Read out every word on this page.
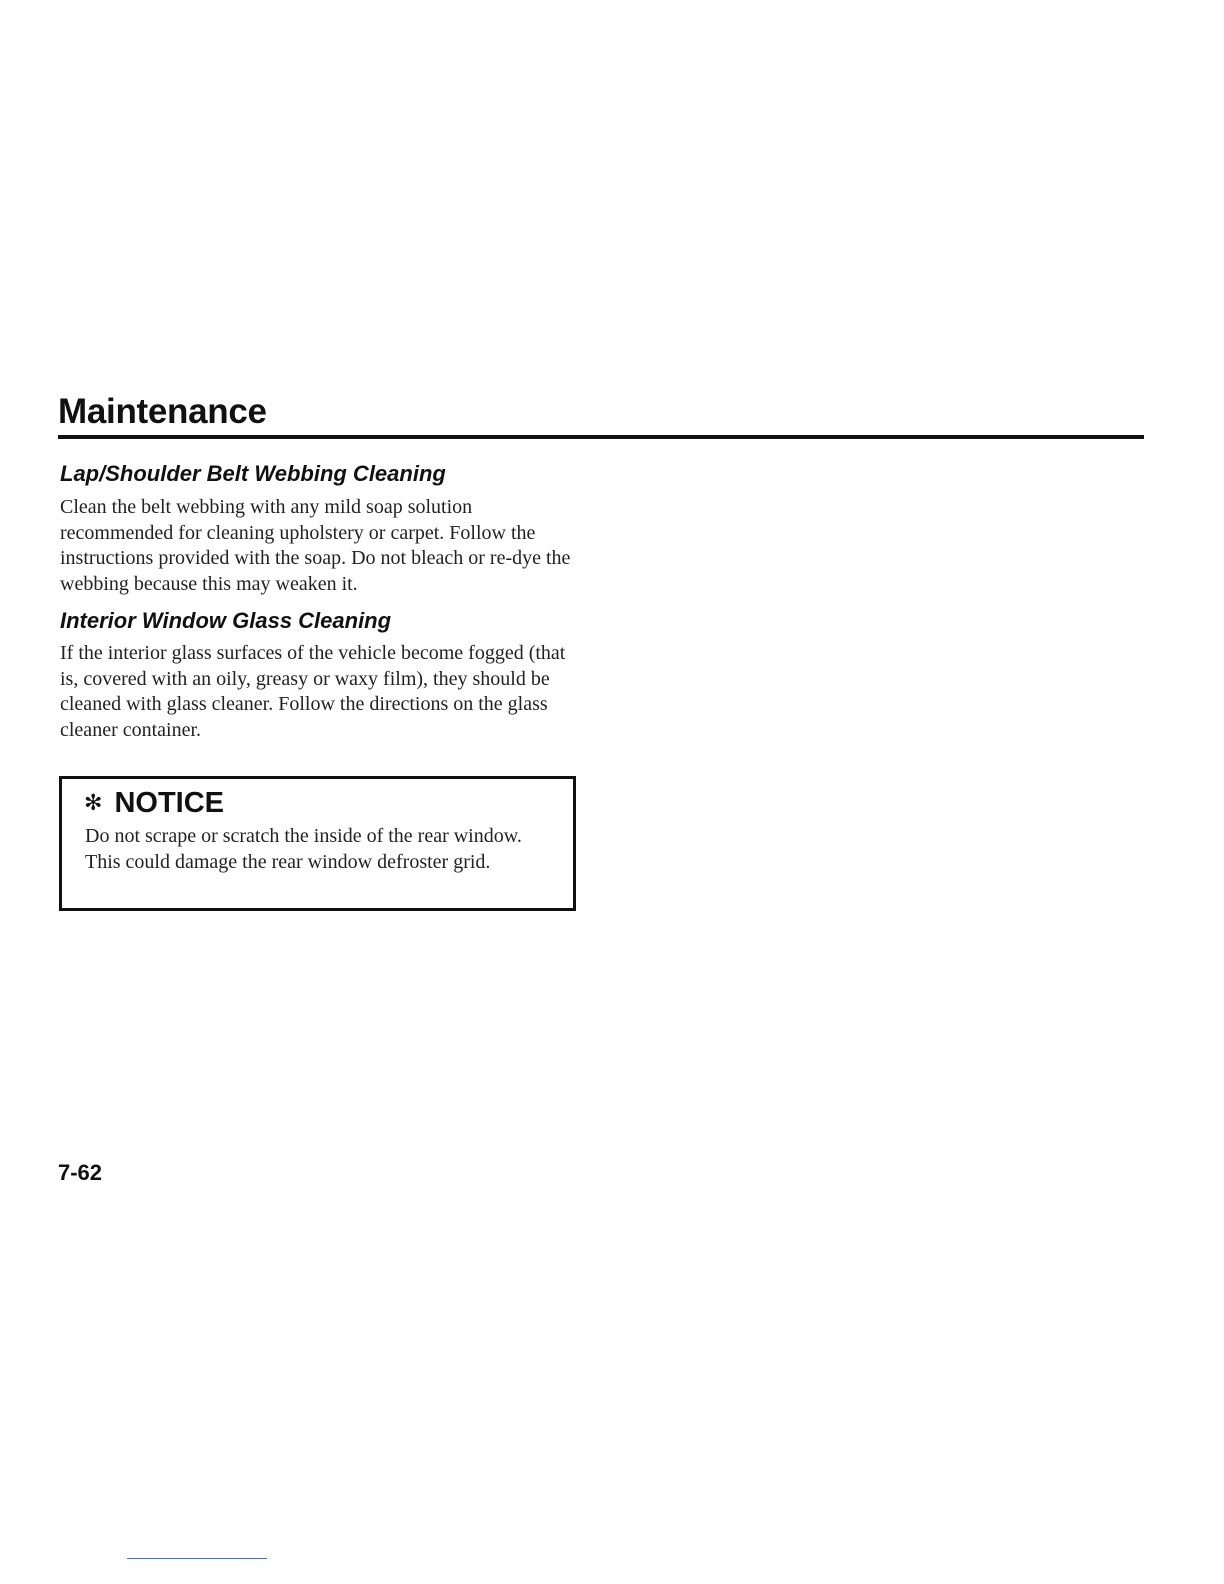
Maintenance
Lap/Shoulder Belt Webbing Cleaning

Clean the belt webbing with any mild soap solution recommended for cleaning upholstery or carpet. Follow the instructions provided with the soap. Do not bleach or re-dye the webbing because this may weaken it.

Interior Window Glass Cleaning

If the interior glass surfaces of the vehicle become fogged (that is, covered with an oily, greasy or waxy film), they should be cleaned with glass cleaner. Follow the directions on the glass cleaner container.

✻ NOTICE

Do not scrape or scratch the inside of the rear window. This could damage the rear window defroster grid.

7-62
